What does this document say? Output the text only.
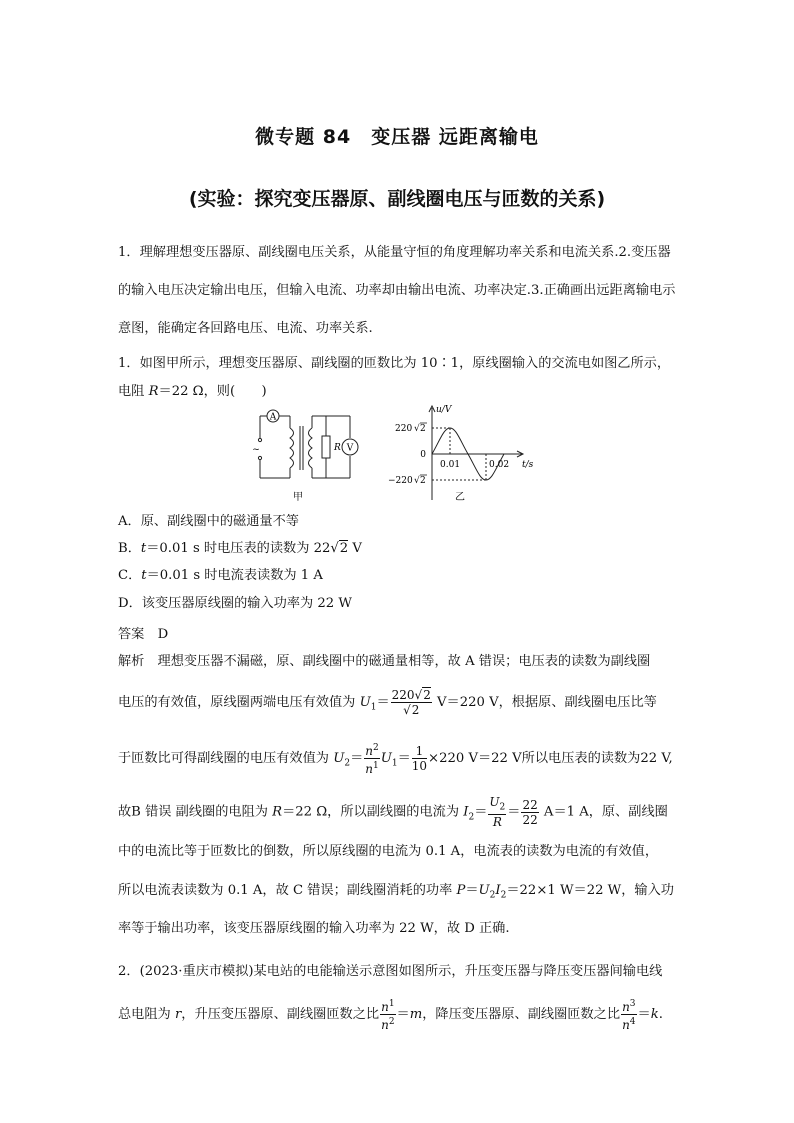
微专题 84　变压器 远距离输电
(实验：探究变压器原、副线圈电压与匝数的关系)
1．理解理想变压器原、副线圈电压关系，从能量守恒的角度理解功率关系和电流关系.2.变压器的输入电压决定输出电压，但输入电流、功率却由输出电流、功率决定.3.正确画出远距离输电示意图，能确定各回路电压、电流、功率关系.
1．如图甲所示，理想变压器原、副线圈的匝数比为 10∶1，原线圈输入的交流电如图乙所示，
电阻 R＝22 Ω，则(　　)
A
V
R
~
甲
u/V
t/s
0
220 √ 2
−220 √ 2
0.01	0.02
乙
A．原、副线圈中的磁通量不等
B．t＝0.01 s 时电压表的读数为 22√2 V
C．t＝0.01 s 时电流表读数为 1 A
D．该变压器原线圈的输入功率为 22 W
答案　 D
解析　理想变压器不漏磁，原、副线圈中的磁通量相等，故 A 错误；电压表的读数为副线圈
电压的有效值，原线圈两端电压有效值为 $U_1= \frac{220√2}{√2} V=220$ V，根据原、副线圈电压比等
于匝数比可得副线圈的电压有效值为 $U_2= \frac{n^2}{n^1} U_1= \frac{1}{10} \times 220$ V＝22 V所以电压表的读数为22 V,
故B 错误 副线圈的电阻为 R＝22 Ω，所以副线圈的电流为 $I_2= \frac{U_2}{R} = \frac{22}{22} A=1$ A，原、副线圈
中的电流比等于匝数比的倒数，所以原线圈的电流为 0.1 A，电流表的读数为电流的有效值，
所以电流表读数为 0.1 A，故 C 错误；副线圈消耗的功率 $P=U_2I_2=22\times 1$ W＝22 W，输入功
率等于输出功率，该变压器原线圈的输入功率为 22 W，故 D 正确.
2．(2023·重庆市模拟)某电站的电能输送示意图如图所示，升压变压器与降压变压器间输电线
总电阻为 r，升压变压器原、副线圈匝数之比 $\frac{n^1}{n^2} =m$，降压变压器原、副线圈匝数之比 $\frac{n^3}{n^4} =k$.
